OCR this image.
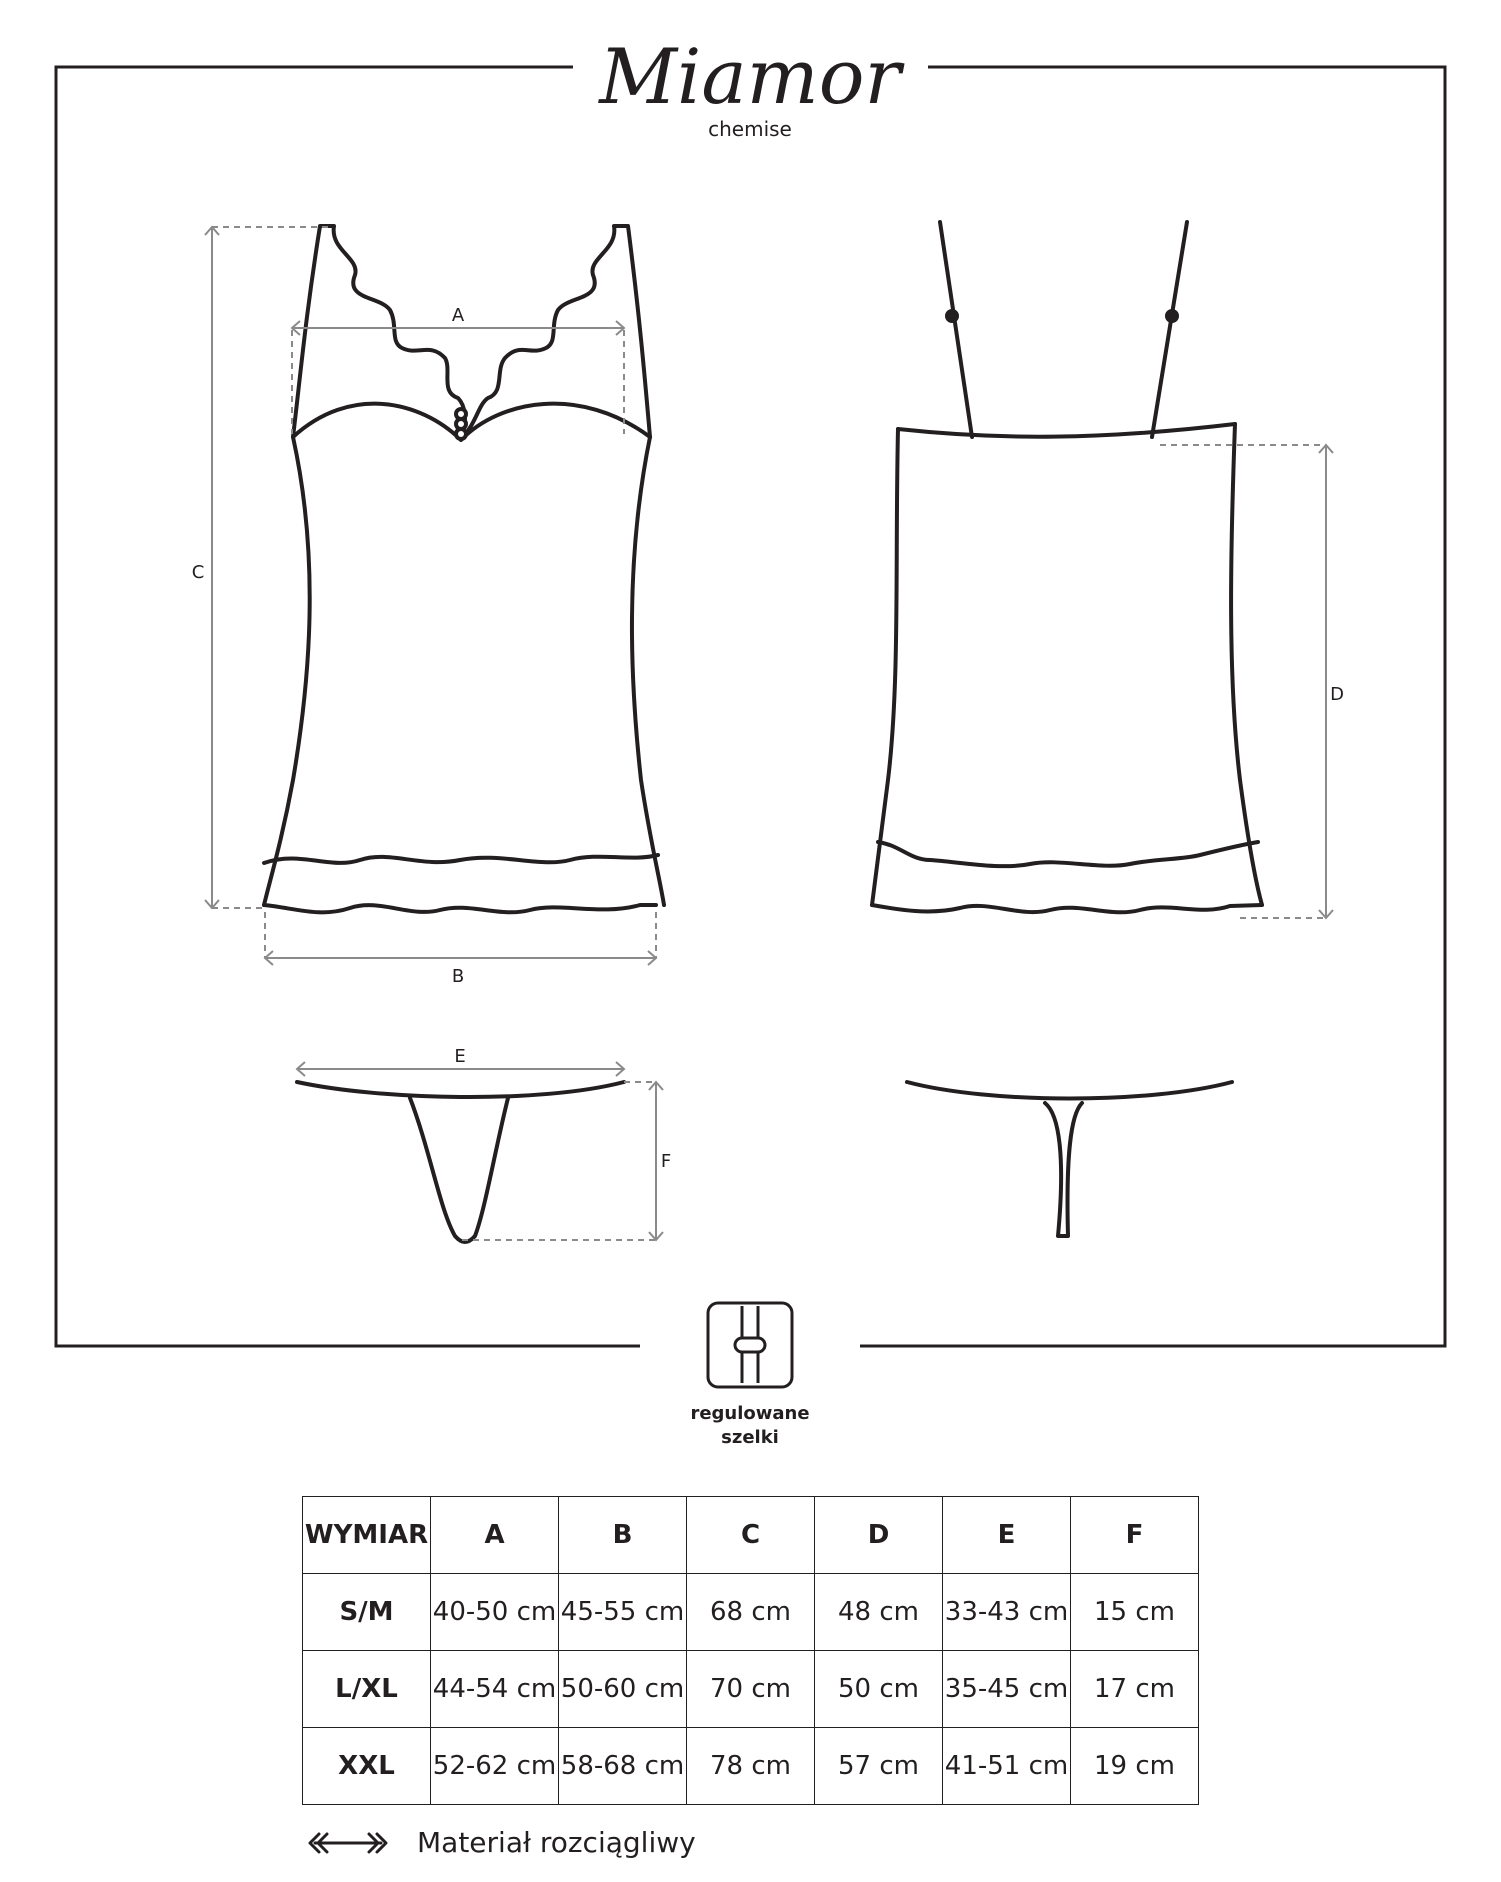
Miamor
chemise
A
C
B
D
E
F
regulowane
szelki
WYMIAR	A	B	C	D	E	F
S/M	40-50 cm	45-55 cm	68 cm	48 cm	33-43 cm	15 cm
L/XL	44-54 cm	50-60 cm	70 cm	50 cm	35-45 cm	17 cm
XXL	52-62 cm	58-68 cm	78 cm	57 cm	41-51 cm	19 cm
Materiał rozciągliwy
